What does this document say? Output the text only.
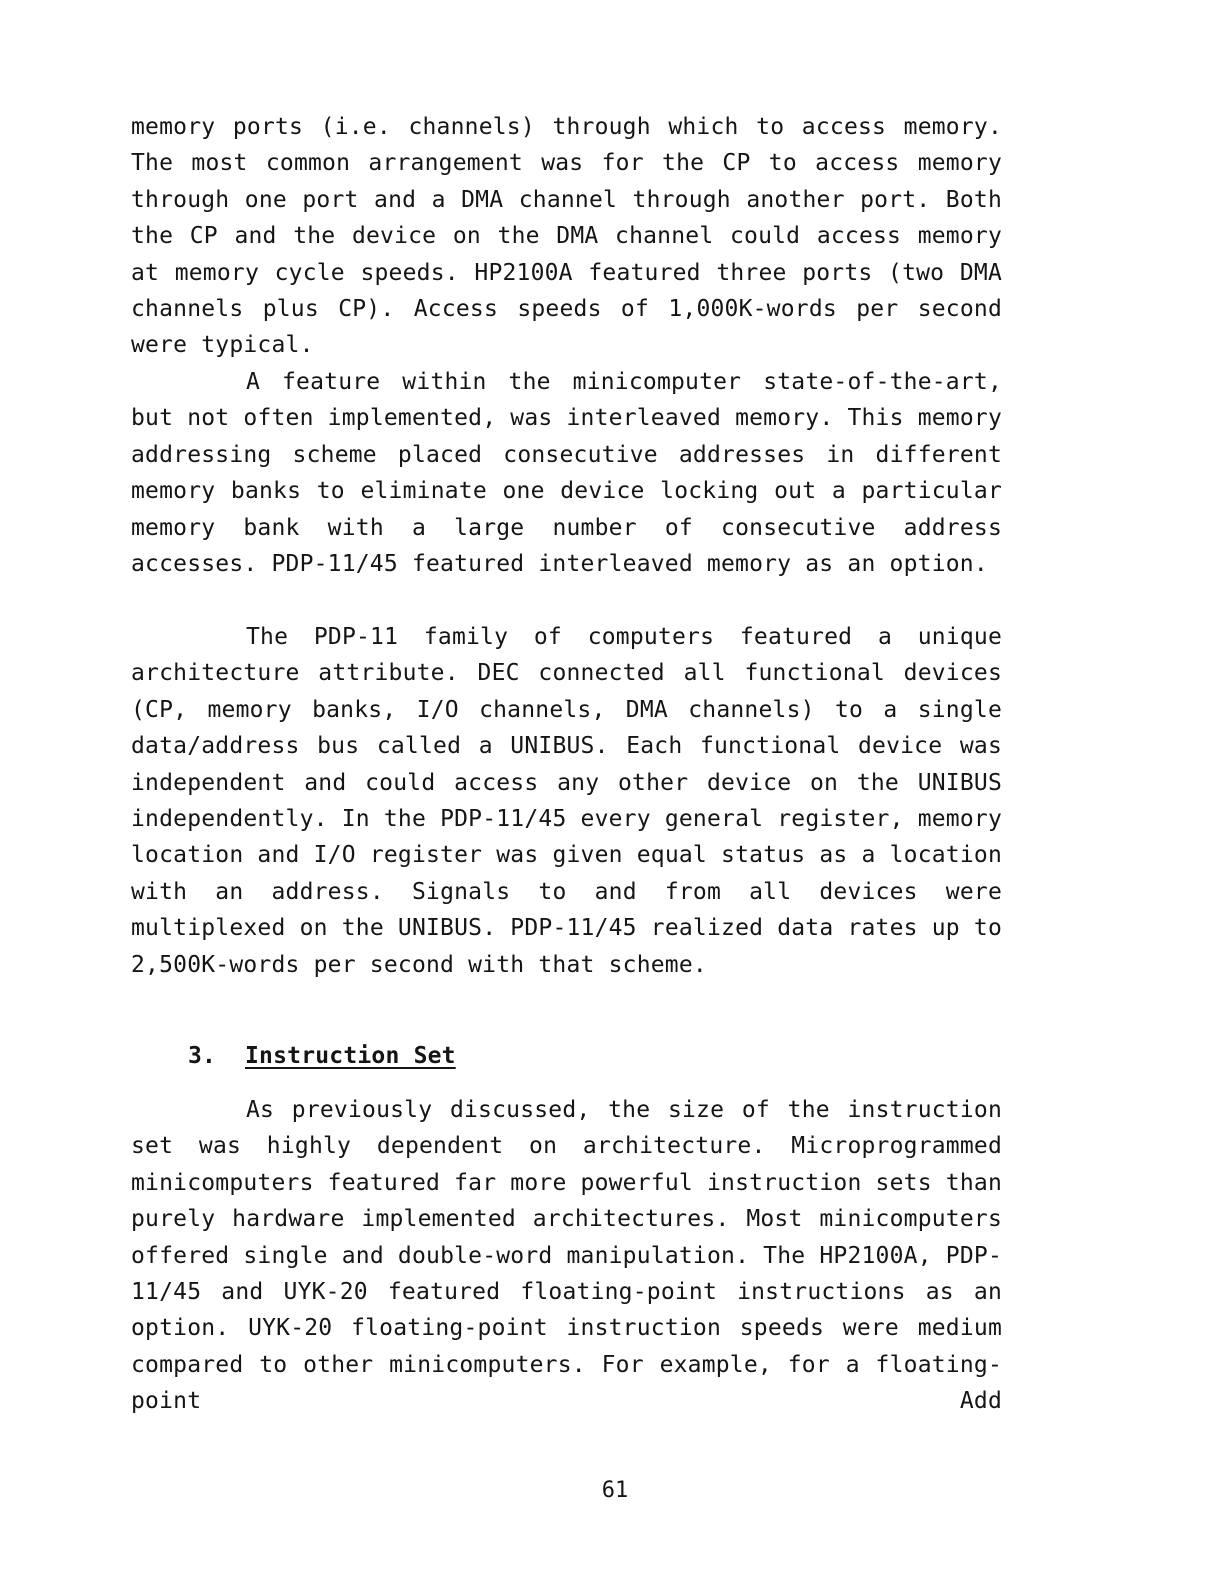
memory ports (i.e. channels) through which to access memory. The most common arrangement was for the CP to access memory through one port and a DMA channel through another port. Both the CP and the device on the DMA channel could access memory at memory cycle speeds. HP2100A featured three ports (two DMA channels plus CP). Access speeds of 1,000K-words per second were typical.

A feature within the minicomputer state-of-the-art, but not often implemented, was interleaved memory. This memory addressing scheme placed consecutive addresses in different memory banks to eliminate one device locking out a particular memory bank with a large number of consecutive address accesses. PDP-11/45 featured interleaved memory as an option.

The PDP-11 family of computers featured a unique architecture attribute. DEC connected all functional devices (CP, memory banks, I/O channels, DMA channels) to a single data/address bus called a UNIBUS. Each functional device was independent and could access any other device on the UNIBUS independently. In the PDP-11/45 every general register, memory location and I/O register was given equal status as a location with an address. Signals to and from all devices were multiplexed on the UNIBUS. PDP-11/45 realized data rates up to 2,500K-words per second with that scheme.

3. Instruction Set

As previously discussed, the size of the instruction set was highly dependent on architecture. Microprogrammed minicomputers featured far more powerful instruction sets than purely hardware implemented architectures. Most minicomputers offered single and double-word manipulation. The HP2100A, PDP-11/45 and UYK-20 featured floating-point instructions as an option. UYK-20 floating-point instruction speeds were medium compared to other minicomputers. For example, for a floating-point Add

61
